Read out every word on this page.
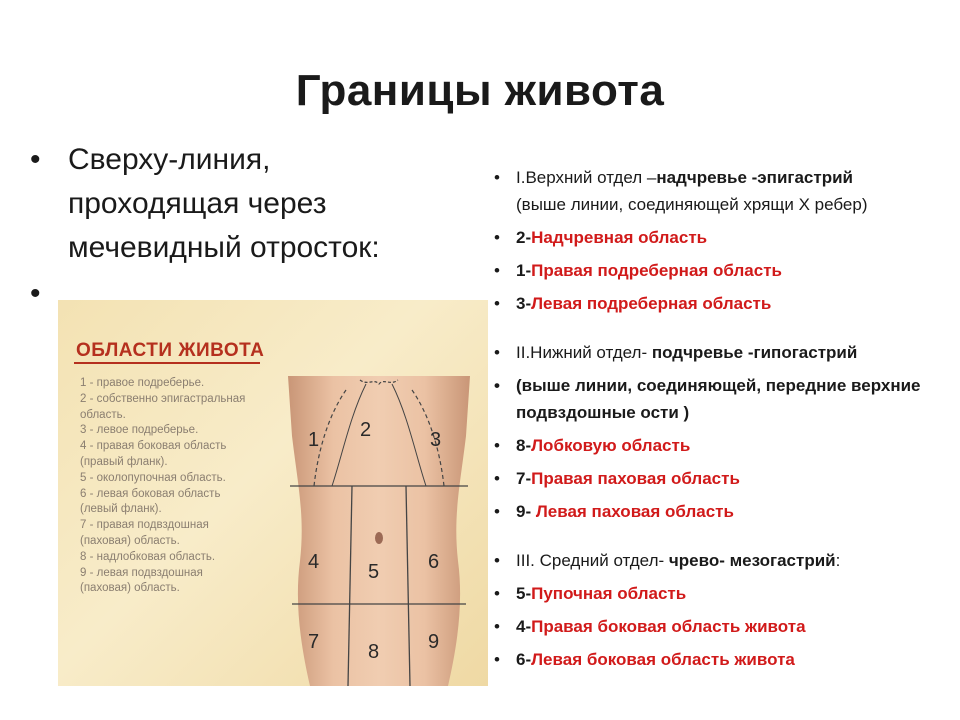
Границы живота
• Сверху-линия, проходящая через мечевидный отросток:
•
ОБЛАСТИ ЖИВОТА
1 - правое подреберье.
2 - собственно эпигастральная
область.
3 - левое подреберье.
4 - правая боковая область
(правый фланк).
5 - околопупочная область.
6 - левая боковая область
(левый фланк).
7 - правая подвздошная
(паховая) область.
8 - надлобковая область.
9 - левая подвздошная
(паховая) область.
1 2	3
4 5 6
7 8 9
• I.Верхний отдел –надчревье -эпигастрий
(выше линии, соединяющей хрящи X ребер)
• 2-Надчревная область
• 1-Правая подреберная область
• 3-Левая подреберная область
• II.Нижний отдел- подчревье -гипогастрий
• (выше линии, соединяющей, передние верхние подвздошные ости )
• 8-Лобковую область
• 7-Правая паховая область
• 9- Левая паховая область
• III. Средний отдел- чрево- мезогастрий:
• 5-Пупочная область
• 4-Правая боковая область живота
• 6-Левая боковая область живота
